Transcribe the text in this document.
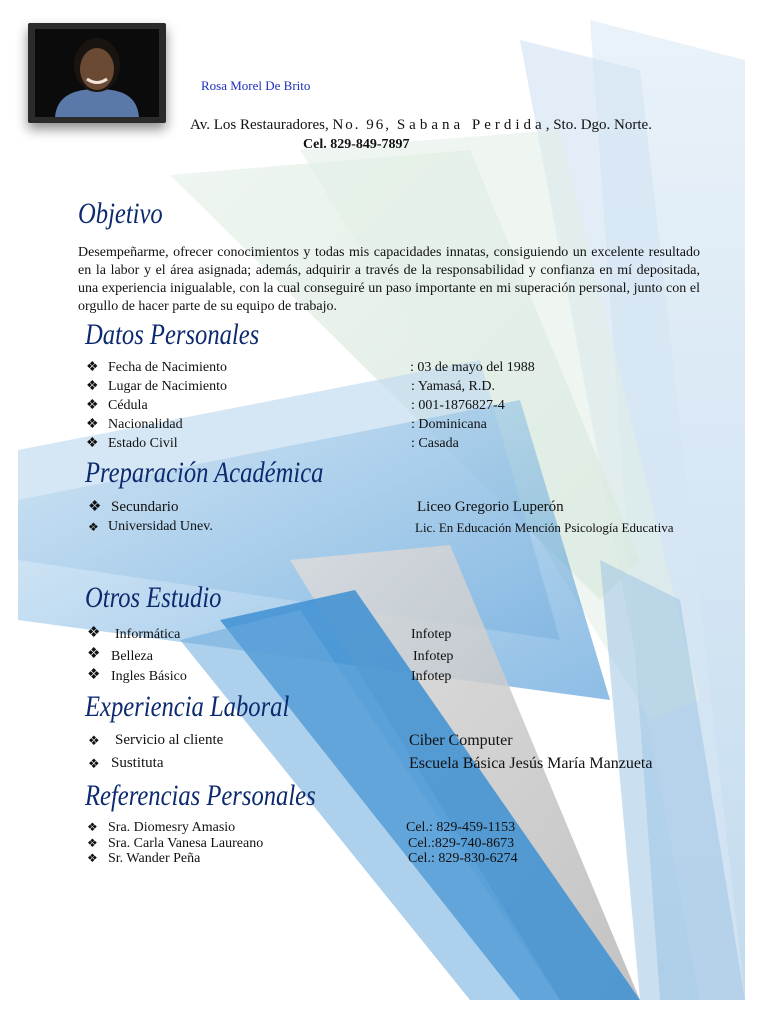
Rosa Morel De Brito
Av. Los Restauradores, No. 96, Sabana Perdida, Sto. Dgo. Norte.
Cel. 829-849-7897
Objetivo
Desempeñarme, ofrecer conocimientos y todas mis capacidades innatas, consiguiendo un excelente resultado en la labor y el área asignada; además, adquirir a través de la responsabilidad y confianza en mí depositada, una experiencia inigualable, con la cual conseguiré un paso importante en mi superación personal, junto con el orgullo de hacer parte de su equipo de trabajo.
Datos Personales
❖ Fecha de Nacimiento	: 03 de mayo del 1988
❖ Lugar de Nacimiento	: Yamasá, R.D.
❖ Cédula	: 001-1876827-4
❖ Nacionalidad	: Dominicana
❖ Estado Civil	: Casada
Preparación Académica
❖ Secundario	Liceo Gregorio Luperón
❖ Universidad Unev.	Lic. En Educación Mención Psicología Educativa
Otros Estudio
❖ Informática	Infotep
❖ Belleza	Infotep
❖ Ingles Básico	Infotep
Experiencia Laboral
❖ Servicio al cliente	Ciber Computer
❖ Sustituta	Escuela Básica Jesús María Manzueta
Referencias Personales
❖ Sra. Diomesry Amasio	Cel.: 829-459-1153
❖ Sra. Carla Vanesa Laureano	Cel.:829-740-8673
❖ Sr. Wander Peña	Cel.: 829-830-6274
